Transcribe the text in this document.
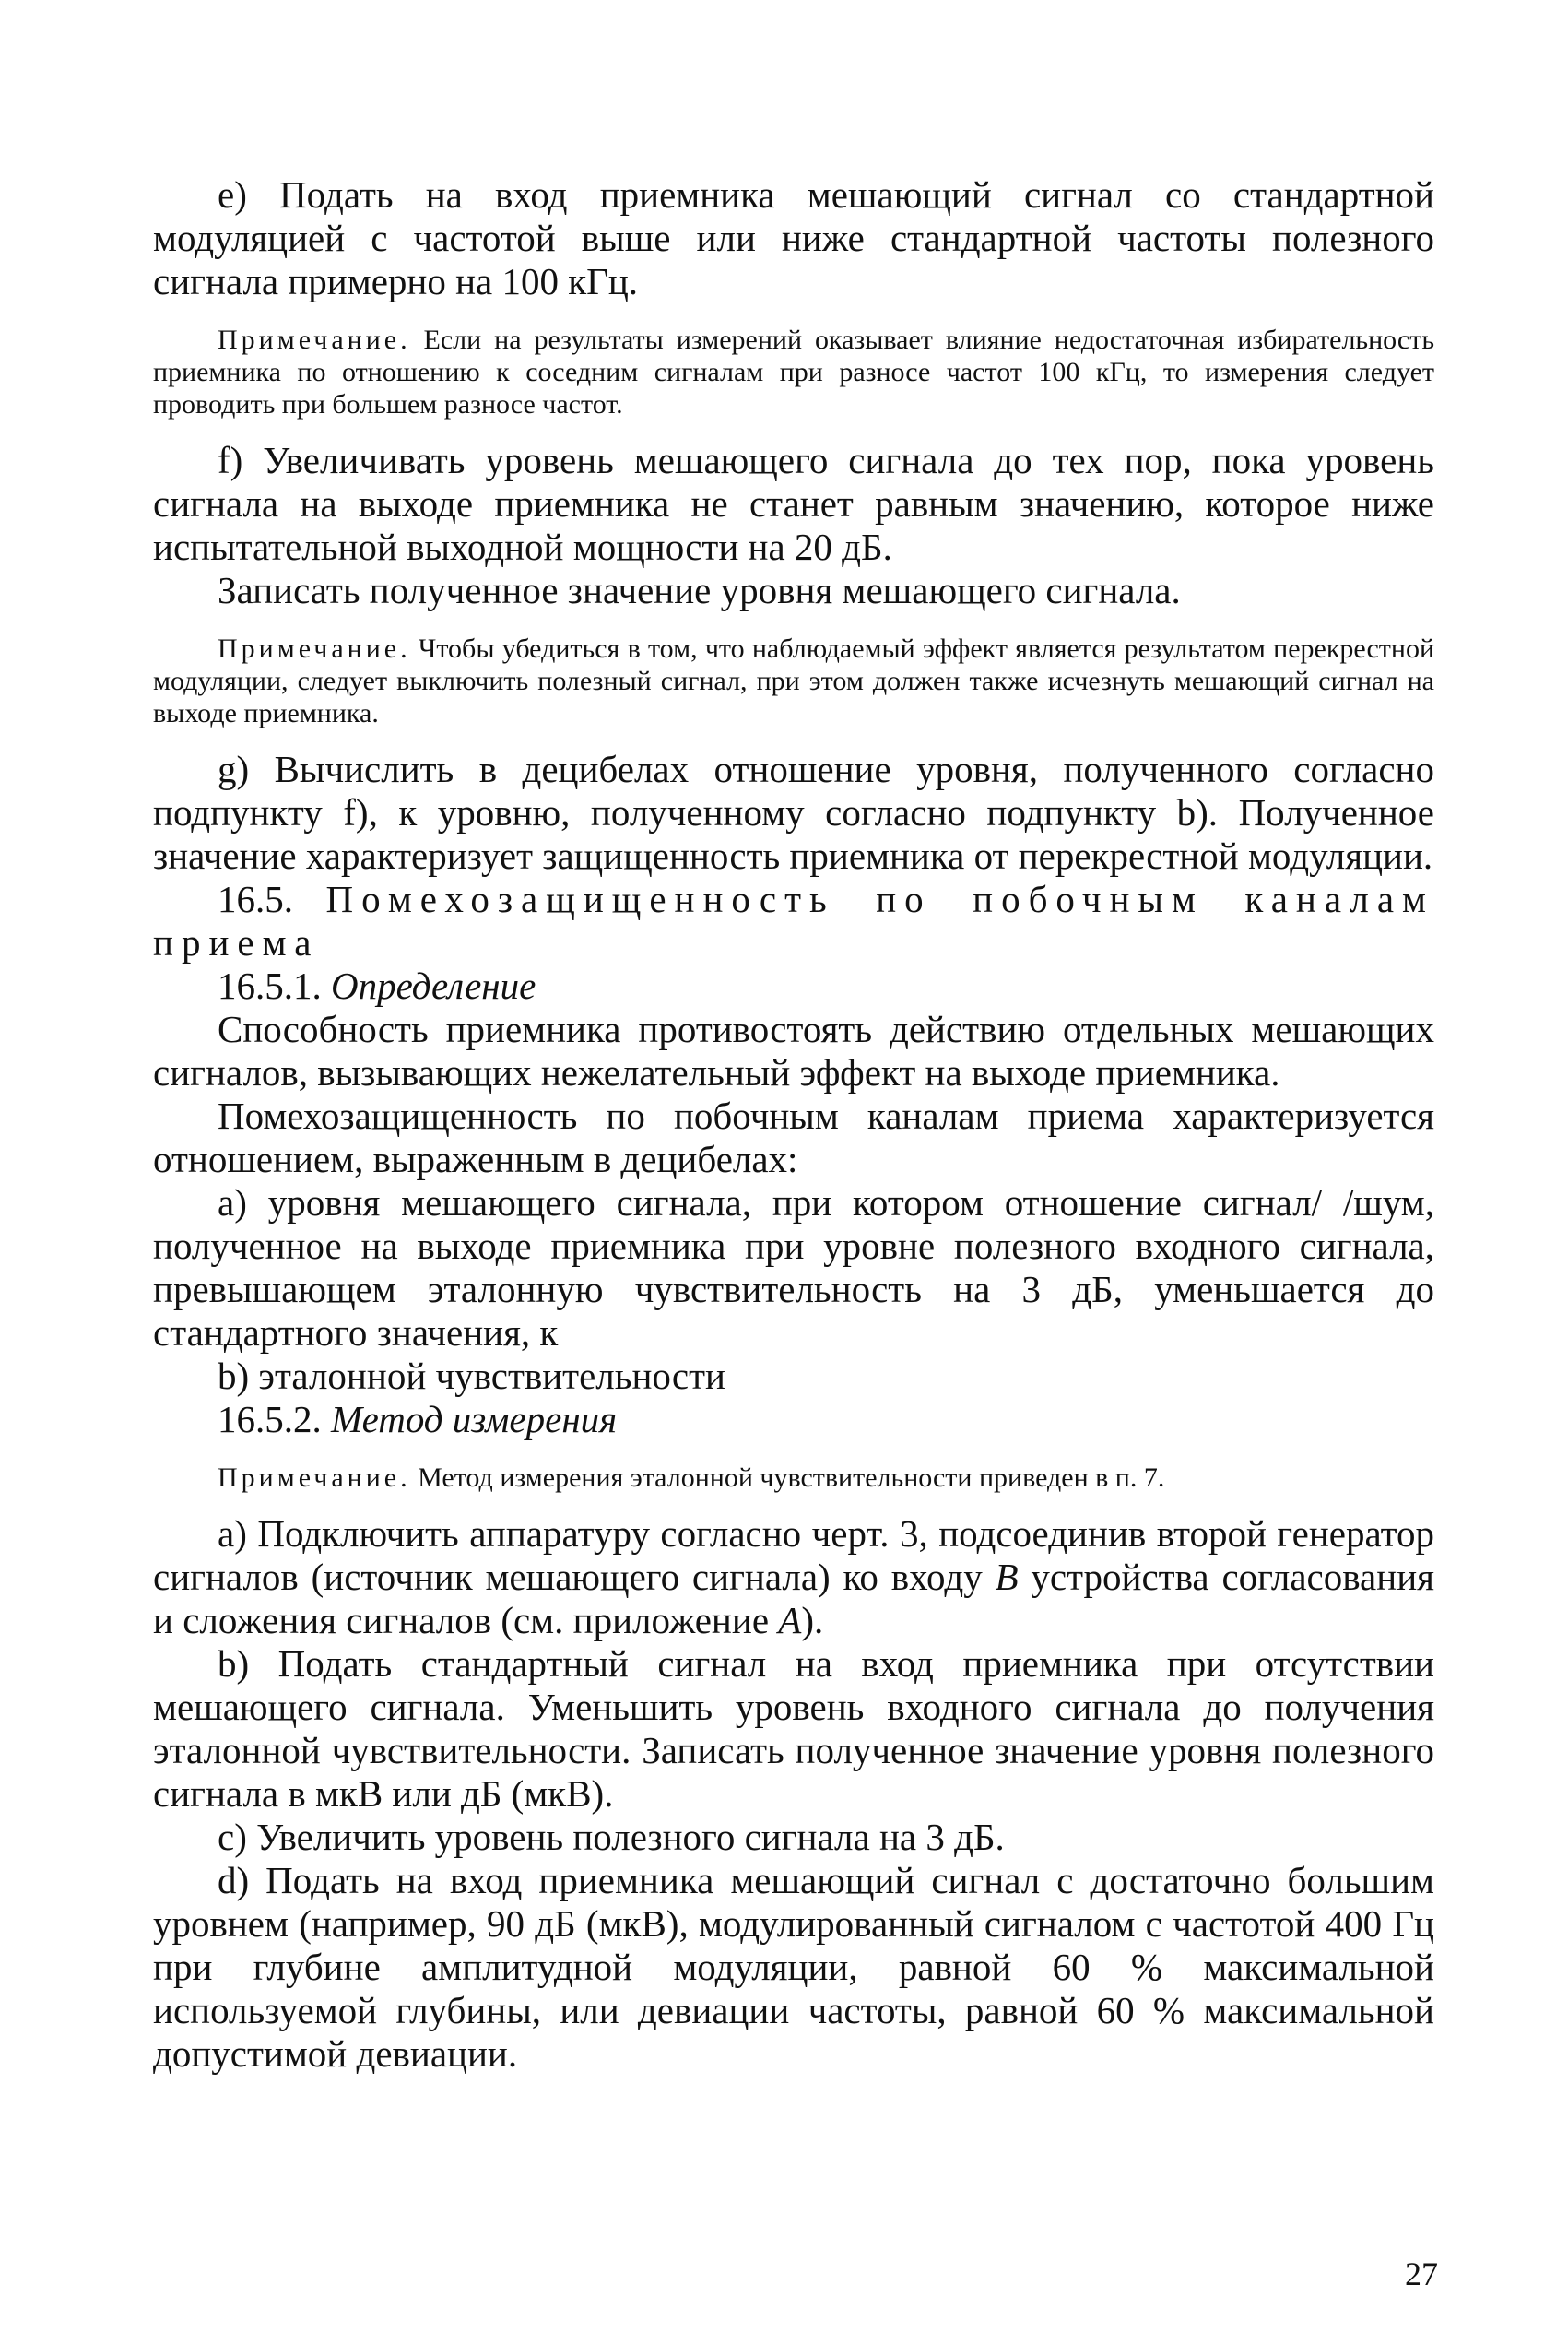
e) Подать на вход приемника мешающий сигнал со стандартной модуляцией с частотой выше или ниже стандартной частоты полезного сигнала примерно на 100 кГц.

Примечание. Если на результаты измерений оказывает влияние недостаточная избирательность приемника по отношению к соседним сигналам при разносе частот 100 кГц, то измерения следует проводить при большем разносе частот.

f) Увеличивать уровень мешающего сигнала до тех пор, пока уровень сигнала на выходе приемника не станет равным значению, которое ниже испытательной выходной мощности на 20 дБ.

Записать полученное значение уровня мешающего сигнала.

Примечание. Чтобы убедиться в том, что наблюдаемый эффект является результатом перекрестной модуляции, следует выключить полезный сигнал, при этом должен также исчезнуть мешающий сигнал на выходе приемника.

g) Вычислить в децибелах отношение уровня, полученного согласно подпункту f), к уровню, полученному согласно подпункту b). Полученное значение характеризует защищенность приемника от перекрестной модуляции.

16.5. Помехозащищенность по побочным каналам приема

16.5.1. Определение

Способность приемника противостоять действию отдельных мешающих сигналов, вызывающих нежелательный эффект на выходе приемника.

Помехозащищенность по побочным каналам приема характеризуется отношением, выраженным в децибелах:

a) уровня мешающего сигнала, при котором отношение сигнал/ /шум, полученное на выходе приемника при уровне полезного входного сигнала, превышающем эталонную чувствительность на 3 дБ, уменьшается до стандартного значения, к

b) эталонной чувствительности

16.5.2. Метод измерения

Примечание. Метод измерения эталонной чувствительности приведен в п. 7.

a) Подключить аппаратуру согласно черт. 3, подсоединив второй генератор сигналов (источник мешающего сигнала) ко входу B устройства согласования и сложения сигналов (см. приложение A).

b) Подать стандартный сигнал на вход приемника при отсутствии мешающего сигнала. Уменьшить уровень входного сигнала до получения эталонной чувствительности. Записать полученное значение уровня полезного сигнала в мкВ или дБ (мкВ).

c) Увеличить уровень полезного сигнала на 3 дБ.

d) Подать на вход приемника мешающий сигнал с достаточно большим уровнем (например, 90 дБ (мкВ), модулированный сигналом с частотой 400 Гц при глубине амплитудной модуляции, равной 60 % максимальной используемой глубины, или девиации частоты, равной 60 % максимальной допустимой девиации.

27
